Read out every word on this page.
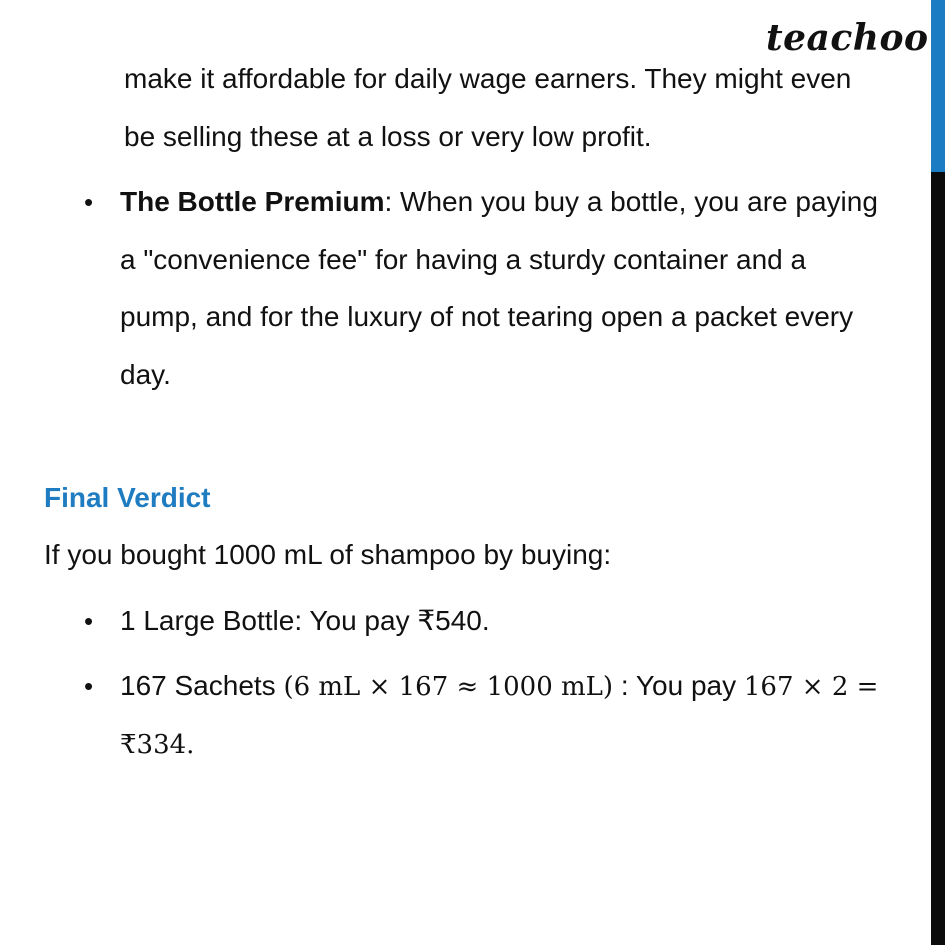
teachoo
make it affordable for daily wage earners. They might even
be selling these at a loss or very low profit.
• The Bottle Premium: When you buy a bottle, you are paying
a "convenience fee" for having a sturdy container and a
pump, and for the luxury of not tearing open a packet every
day.
Final Verdict
If you bought 1000 mL of shampoo by buying:
• 1 Large Bottle: You pay ₹540.
• 167 Sachets (6 mL × 167 ≈ 1000 mL) : You pay 167 × 2 =
₹334.
